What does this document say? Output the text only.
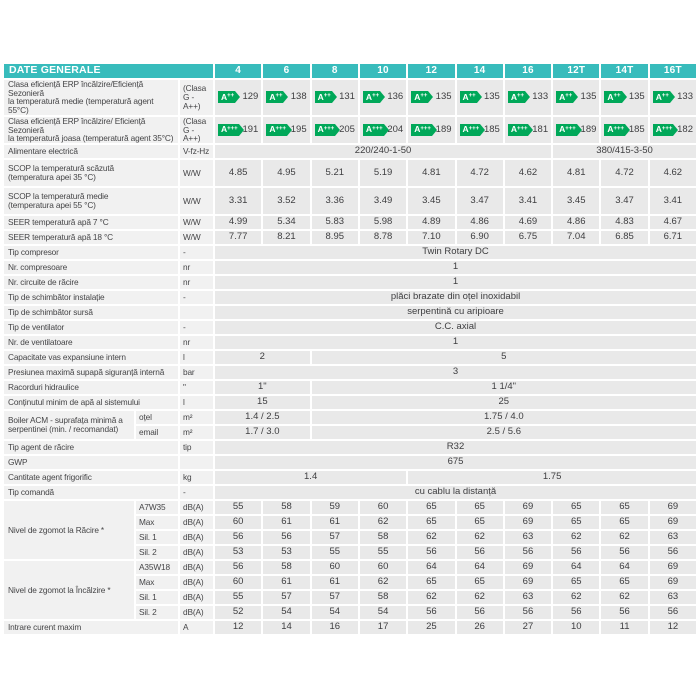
DATE GENERALE			4	6	8	10	12	14	16	12T	14T	16T
Clasa eficiență ERP încălzire/Eficiență Sezonieră
la temperatură medie (temperatură agent 55°C)		(Clasa
G - A++)	A ++ 129	A ++ 138	A ++ 131	A ++ 136	A ++ 135	A ++ 135	A ++ 133	A ++ 135	A ++ 135	A ++ 133

Clasa eficiență ERP încălzire/ Eficiență Sezonieră
la temperatură joasa (temperatură agent 35°C)		(Clasa
G - A++)	A +++ 191	A +++ 195	A +++ 205	A +++ 204	A +++ 189	A +++ 185	A +++ 181	A +++ 189	A +++ 185	A +++ 182

Alimentare electrică		V-fz-Hz	220/240-1-50							380/415-3-50		
SCOP la temperatură scăzută
(temperatura apei 35 °C)		W/W	4.85	4.95	5.21	5.19	4.81	4.72	4.62	4.81	4.72	4.62
SCOP la temperatură medie
(temperatura apei 55 °C)		W/W	3.31	3.52	3.36	3.49	3.45	3.47	3.41	3.45	3.47	3.41
SEER temperatură apă 7 °C		W/W	4.99	5.34	5.83	5.98	4.89	4.86	4.69	4.86	4.83	4.67
SEER temperatură apă 18 °C		W/W	7.77	8.21	8.95	8.78	7.10	6.90	6.75	7.04	6.85	6.71
Tip compresor		-	Twin Rotary DC									
Nr. compresoare		nr	1									
Nr. circuite de răcire		nr	1									
Tip de schimbător instalație		-	plăci brazate din oțel inoxidabil									
Tip de schimbător sursă			serpentină cu aripioare									
Tip de ventilator		-	C.C. axial									
Nr. de ventilatoare		nr	1									
Capacitate vas expansiune intern		l	2		5							
Presiunea maximă supapă siguranță internă		bar	3									
Racorduri hidraulice		"	1"		1 1/4"							
Conținutul minim de apă al sistemului		l	15		25							
Boiler ACM - suprafața minimă a
serpentinei (min. / recomandat)	oțel	m²	1.4 / 2.5		1.75 / 4.0							
	email	m²	1.7 / 3.0		2.5 / 5.6							
Tip agent de răcire		tip	R32									
GWP			675									
Cantitate agent frigorific		kg	1.4				1.75					
Tip comandă		-	cu cablu la distanță									
Nivel de zgomot la Răcire *	A7W35	dB(A)	55	58	59	60	65	65	69	65	65	69
	Max	dB(A)	60	61	61	62	65	65	69	65	65	69
	Sil. 1	dB(A)	56	56	57	58	62	62	63	62	62	63
	Sil. 2	dB(A)	53	53	55	55	56	56	56	56	56	56
Nivel de zgomot la Încălzire *	A35W18	dB(A)	56	58	60	60	64	64	69	64	64	69
	Max	dB(A)	60	61	61	62	65	65	69	65	65	69
	Sil. 1	dB(A)	55	57	57	58	62	62	63	62	62	63
	Sil. 2	dB(A)	52	54	54	54	56	56	56	56	56	56
Intrare curent maxim		A	12	14	16	17	25	26	27	10	11	12
